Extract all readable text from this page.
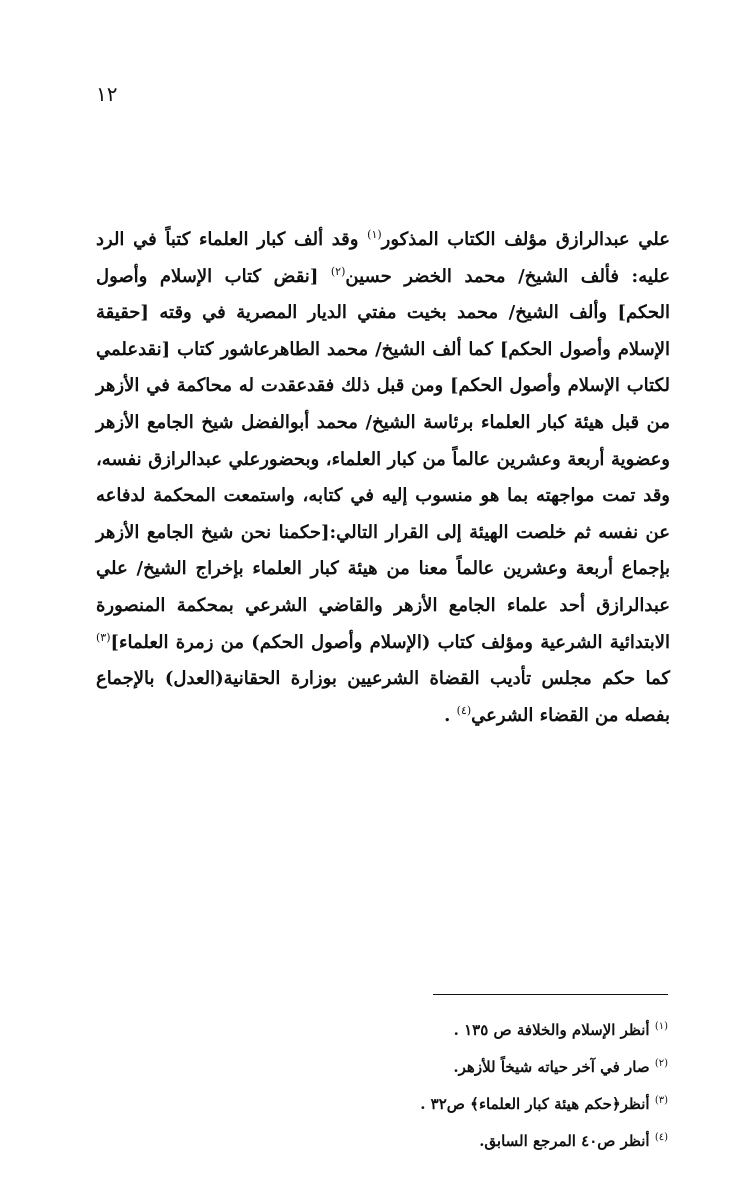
١٢

علي عبدالرازق مؤلف الكتاب المذكور$^{(١)}$ وقد ألف كبار العلماء كتباً في الرد عليه: فألف الشيخ/ محمد الخضر حسين$^{(٢)}$ [نقض كتاب الإسلام وأصول الحكم] وألف الشيخ/ محمد بخيت مفتي الديار المصرية في وقته [حقيقة الإسلام وأصول الحكم] كما ألف الشيخ/ محمد الطاهرعاشور كتاب [نقدعلمي لكتاب الإسلام وأصول الحكم] ومن قبل ذلك فقدعقدت له محاكمة في الأزهر من قبل هيئة كبار العلماء برئاسة الشيخ/ محمد أبوالفضل شيخ الجامع الأزهر وعضوية أربعة وعشرين عالماً من كبار العلماء، وبحضورعلي عبدالرازق نفسه، وقد تمت مواجهته بما هو منسوب إليه في كتابه، واستمعت المحكمة لدفاعه عن نفسه ثم خلصت الهيئة إلى القرار التالي:[حكمنا نحن شيخ الجامع الأزهر بإجماع أربعة وعشرين عالماً معنا من هيئة كبار العلماء بإخراج الشيخ/ علي عبدالرازق أحد علماء الجامع الأزهر والقاضي الشرعي بمحكمة المنصورة الابتدائية الشرعية ومؤلف كتاب (الإسلام وأصول الحكم) من زمرة العلماء]$^{(٣)}$ كما حكم مجلس تأديب القضاة الشرعيين بوزارة الحقانية(العدل) بالإجماع بفصله من القضاء الشرعي$^{(٤)}$ .

$^{(١)}$ أنظر الإسلام والخلافة ص ١٣٥ .
$^{(٢)}$ صار في آخر حياته شيخاً للأزهر.
$^{(٣)}$ أنظر﴿حكم هيئة كبار العلماء﴾ ص٣٢ .
$^{(٤)}$ أنظر ص٤٠ المرجع السابق.
